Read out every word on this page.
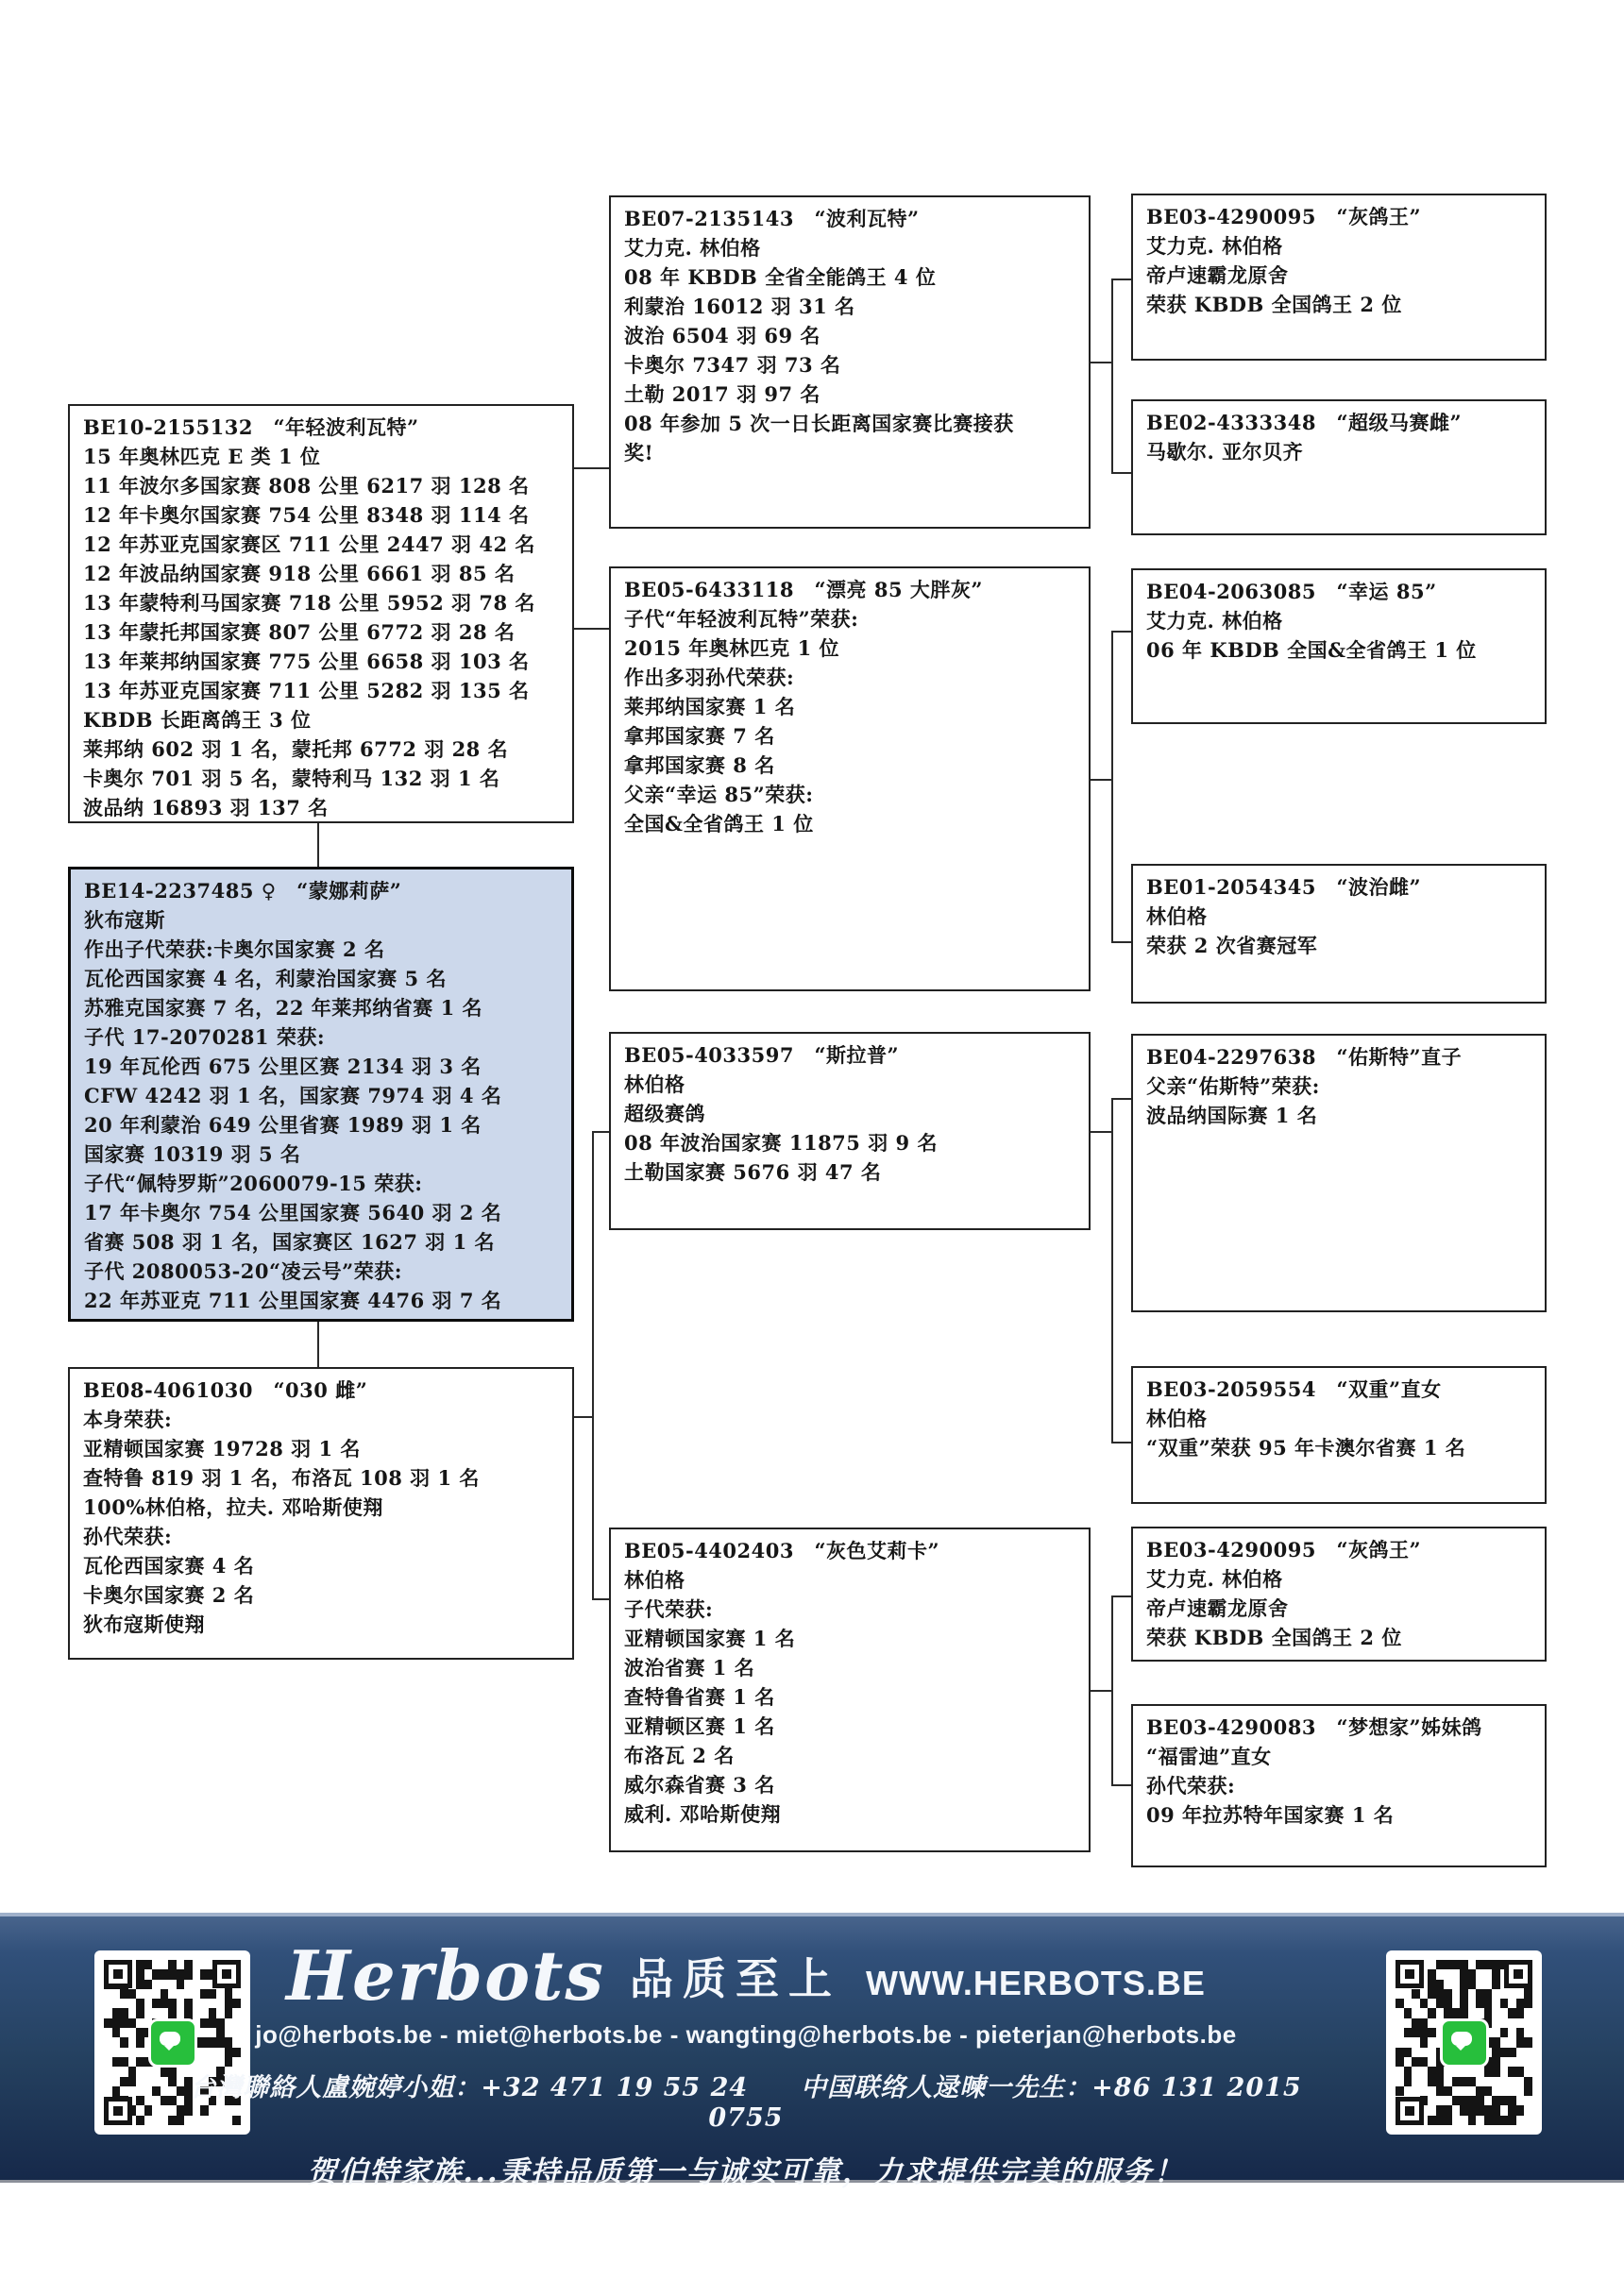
BE10-2155132　“年轻波利瓦特”
15 年奥林匹克 E 类 1 位
11 年波尔多国家赛 808 公里 6217 羽 128 名
12 年卡奥尔国家赛 754 公里 8348 羽 114 名
12 年苏亚克国家赛区 711 公里 2447 羽 42 名
12 年波品纳国家赛 918 公里 6661 羽 85 名
13 年蒙特利马国家赛 718 公里 5952 羽 78 名
13 年蒙托邦国家赛 807 公里 6772 羽 28 名
13 年莱邦纳国家赛 775 公里 6658 羽 103 名
13 年苏亚克国家赛 711 公里 5282 羽 135 名
KBDB 长距离鸽王 3 位
莱邦纳 602 羽 1 名，蒙托邦 6772 羽 28 名
卡奥尔 701 羽 5 名，蒙特利马 132 羽 1 名
波品纳 16893 羽 137 名
BE14-2237485 ♀　“蒙娜莉萨”
狄布寇斯
作出子代荣获:卡奥尔国家赛 2 名
瓦伦西国家赛 4 名，利蒙治国家赛 5 名
苏雅克国家赛 7 名，22 年莱邦纳省赛 1 名
子代 17-2070281 荣获:
19 年瓦伦西 675 公里区赛 2134 羽 3 名
CFW 4242 羽 1 名，国家赛 7974 羽 4 名
20 年利蒙治 649 公里省赛 1989 羽 1 名
国家赛 10319 羽 5 名
子代“佩特罗斯”2060079-15 荣获:
17 年卡奥尔 754 公里国家赛 5640 羽 2 名
省赛 508 羽 1 名，国家赛区 1627 羽 1 名
子代 2080053-20“凌云号”荣获:
22 年苏亚克 711 公里国家赛 4476 羽 7 名
BE08-4061030　“030 雌”
本身荣获:
亚精顿国家赛 19728 羽 1 名
查特鲁 819 羽 1 名，布洛瓦 108 羽 1 名
100%林伯格，拉夫. 邓哈斯使翔
孙代荣获:
瓦伦西国家赛 4 名
卡奥尔国家赛 2 名
狄布寇斯使翔
BE07-2135143　“波利瓦特”
艾力克. 林伯格
08 年 KBDB 全省全能鸽王 4 位
利蒙治 16012 羽 31 名
波治 6504 羽 69 名
卡奥尔 7347 羽 73 名
土勒 2017 羽 97 名
08 年参加 5 次一日长距离国家赛比赛接获
奖!
BE05-6433118　“漂亮 85 大胖灰”
子代“年轻波利瓦特”荣获:
2015 年奥林匹克 1 位
作出多羽孙代荣获:
莱邦纳国家赛 1 名
拿邦国家赛 7 名
拿邦国家赛 8 名
父亲“幸运 85”荣获:
全国&全省鸽王 1 位
BE05-4033597　“斯拉普”
林伯格
超级赛鸽
08 年波治国家赛 11875 羽 9 名
土勒国家赛 5676 羽 47 名
BE05-4402403　“灰色艾莉卡”
林伯格
子代荣获:
亚精顿国家赛 1 名
波治省赛 1 名
查特鲁省赛 1 名
亚精顿区赛 1 名
布洛瓦 2 名
威尔森省赛 3 名
威利. 邓哈斯使翔
BE03-4290095　“灰鸽王”
艾力克. 林伯格
帝卢速霸龙原舍
荣获 KBDB 全国鸽王 2 位
BE02-4333348　“超级马赛雌”
马歇尔. 亚尔贝齐
BE04-2063085　“幸运 85”
艾力克. 林伯格
06 年 KBDB 全国&全省鸽王 1 位
BE01-2054345　“波治雌”
林伯格
荣获 2 次省赛冠军
BE04-2297638　“佑斯特”直子
父亲“佑斯特”荣获:
波品纳国际赛 1 名
BE03-2059554　“双重”直女
林伯格
“双重”荣获 95 年卡澳尔省赛 1 名
BE03-4290095　“灰鸽王”
艾力克. 林伯格
帝卢速霸龙原舍
荣获 KBDB 全国鸽王 2 位
BE03-4290083　“梦想家”姊妹鸽
“福雷迪”直女
孙代荣获:
09 年拉苏特年国家赛 1 名
Herbots 品质至上 WWW.HERBOTS.BE
jo@herbots.be - miet@herbots.be - wangting@herbots.be - pieterjan@herbots.be
台灣聯絡人盧婉婷小姐：+32 471 19 55 24　　中国联络人逯暕一先生：+86 131 2015 0755
贺伯特家族...秉持品质第一与诚实可靠，力求提供完美的服务！
